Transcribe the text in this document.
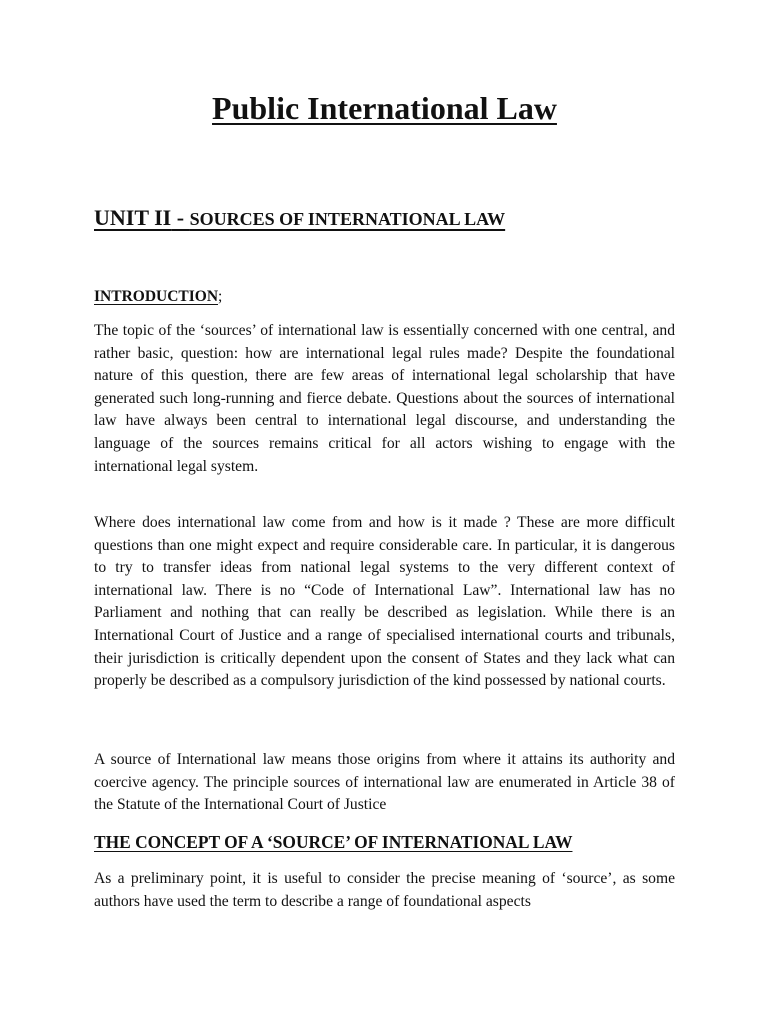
Public International Law
UNIT II - SOURCES OF INTERNATIONAL LAW
INTRODUCTION;

The topic of the ‘sources’ of international law is essentially concerned with one central, and rather basic, question: how are international legal rules made? Despite the foundational nature of this question, there are few areas of international legal scholarship that have generated such long-running and fierce debate. Questions about the sources of international law have always been central to international legal discourse, and understanding the language of the sources remains critical for all actors wishing to engage with the international legal system.

Where does international law come from and how is it made ? These are more difficult questions than one might expect and require considerable care. In particular, it is dangerous to try to transfer ideas from national legal systems to the very different context of international law. There is no “Code of International Law”. International law has no Parliament and nothing that can really be described as legislation. While there is an International Court of Justice and a range of specialised international courts and tribunals, their jurisdiction is critically dependent upon the consent of States and they lack what can properly be described as a compulsory jurisdiction of the kind possessed by national courts.

A source of International law means those origins from where it attains its authority and coercive agency. The principle sources of international law are enumerated in Article 38 of the Statute of the International Court of Justice

THE CONCEPT OF A ‘SOURCE’ OF INTERNATIONAL LAW

As a preliminary point, it is useful to consider the precise meaning of ‘source’, as some authors have used the term to describe a range of foundational aspects
